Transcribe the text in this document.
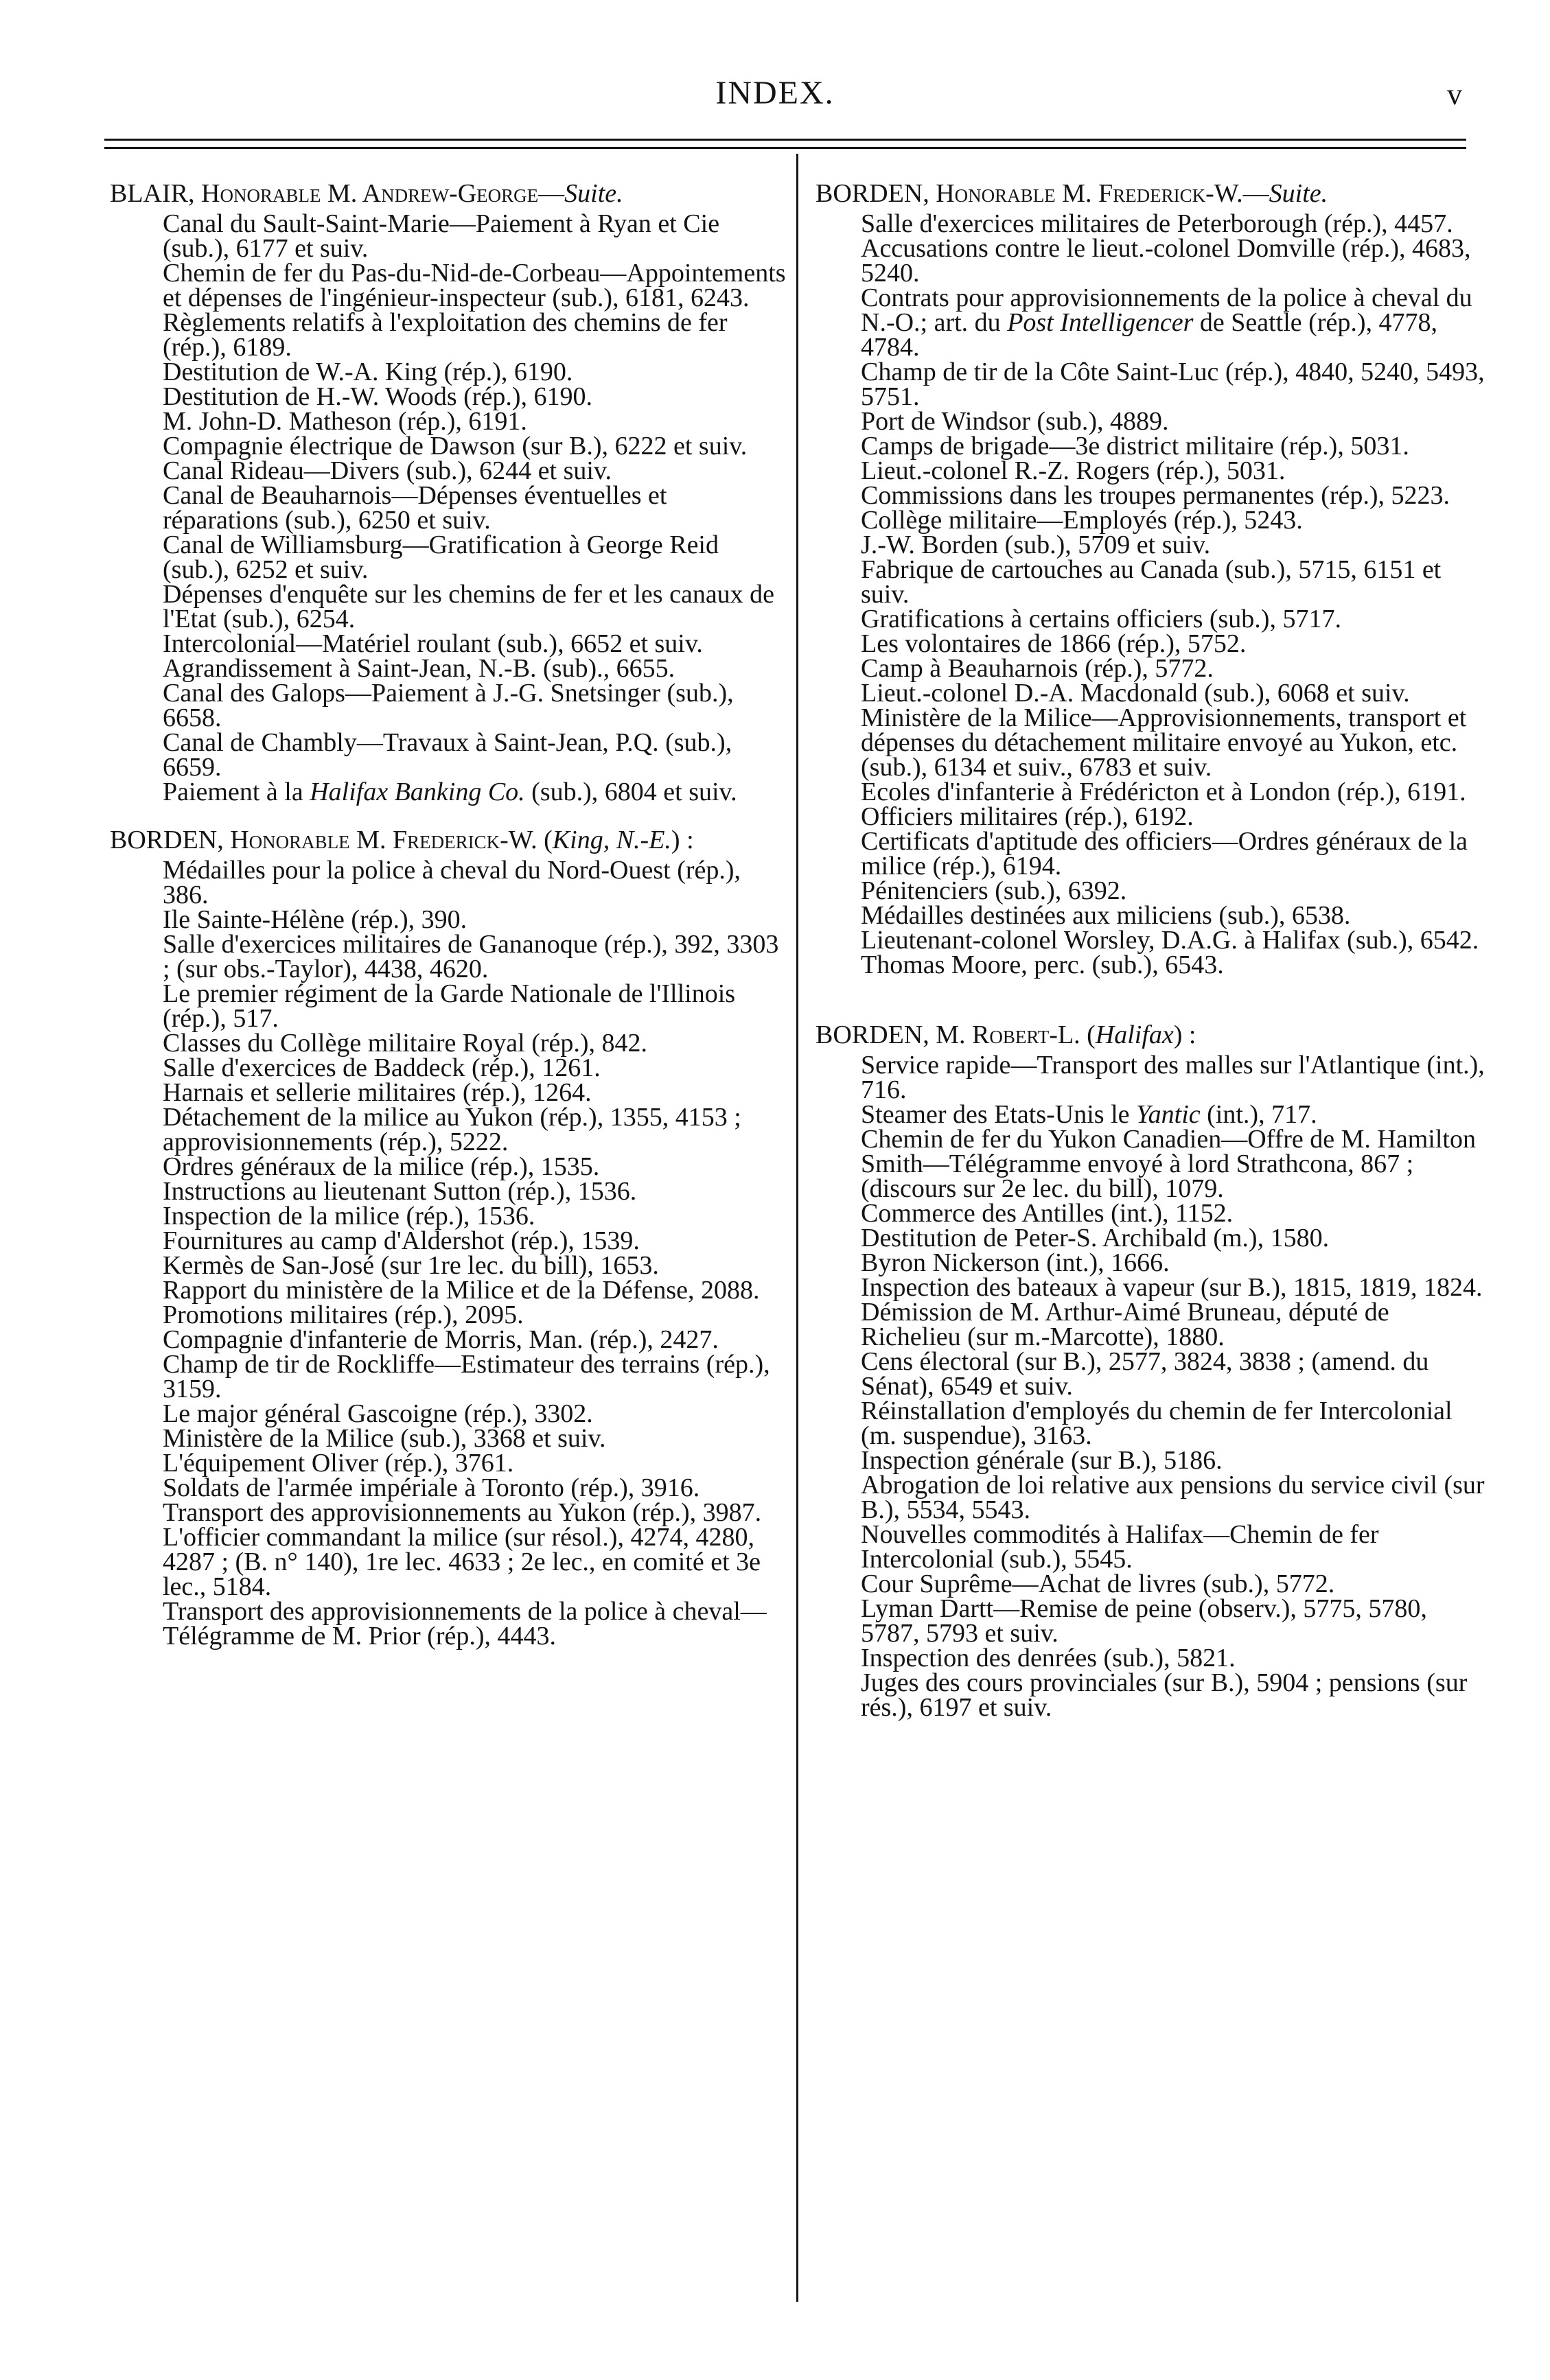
INDEX.	v

BLAIR, Honorable M. Andrew-George—Suite.

Canal du Sault-Saint-Marie—Paiement à Ryan et Cie (sub.), 6177 et suiv.

Chemin de fer du Pas-du-Nid-de-Corbeau—Appointements et dépenses de l'ingénieur-inspecteur (sub.), 6181, 6243.

Règlements relatifs à l'exploitation des chemins de fer (rép.), 6189.

Destitution de W.-A. King (rép.), 6190.

Destitution de H.-W. Woods (rép.), 6190.

M. John-D. Matheson (rép.), 6191.

Compagnie électrique de Dawson (sur B.), 6222 et suiv.

Canal Rideau—Divers (sub.), 6244 et suiv.

Canal de Beauharnois—Dépenses éventuelles et réparations (sub.), 6250 et suiv.

Canal de Williamsburg—Gratification à George Reid (sub.), 6252 et suiv.

Dépenses d'enquête sur les chemins de fer et les canaux de l'Etat (sub.), 6254.

Intercolonial—Matériel roulant (sub.), 6652 et suiv.

Agrandissement à Saint-Jean, N.-B. (sub)., 6655.

Canal des Galops—Paiement à J.-G. Snetsinger (sub.), 6658.

Canal de Chambly—Travaux à Saint-Jean, P.Q. (sub.), 6659.

Paiement à la Halifax Banking Co. (sub.), 6804 et suiv.

BORDEN, Honorable M. Frederick-W. (King, N.-E.) :

Médailles pour la police à cheval du Nord-Ouest (rép.), 386.

Ile Sainte-Hélène (rép.), 390.

Salle d'exercices militaires de Gananoque (rép.), 392, 3303 ; (sur obs.-Taylor), 4438, 4620.

Le premier régiment de la Garde Nationale de l'Illinois (rép.), 517.

Classes du Collège militaire Royal (rép.), 842.

Salle d'exercices de Baddeck (rép.), 1261.

Harnais et sellerie militaires (rép.), 1264.

Détachement de la milice au Yukon (rép.), 1355, 4153 ; approvisionnements (rép.), 5222.

Ordres généraux de la milice (rép.), 1535.

Instructions au lieutenant Sutton (rép.), 1536.

Inspection de la milice (rép.), 1536.

Fournitures au camp d'Aldershot (rép.), 1539.

Kermès de San-José (sur 1re lec. du bill), 1653.

Rapport du ministère de la Milice et de la Défense, 2088.

Promotions militaires (rép.), 2095.

Compagnie d'infanterie de Morris, Man. (rép.), 2427.

Champ de tir de Rockliffe—Estimateur des terrains (rép.), 3159.

Le major général Gascoigne (rép.), 3302.

Ministère de la Milice (sub.), 3368 et suiv.

L'équipement Oliver (rép.), 3761.

Soldats de l'armée impériale à Toronto (rép.), 3916.

Transport des approvisionnements au Yukon (rép.), 3987.

L'officier commandant la milice (sur résol.), 4274, 4280, 4287 ; (B. n° 140), 1re lec. 4633 ; 2e lec., en comité et 3e lec., 5184.

Transport des approvisionnements de la police à cheval—Télégramme de M. Prior (rép.), 4443.

BORDEN, Honorable M. Frederick-W.—Suite.

Salle d'exercices militaires de Peterborough (rép.), 4457.

Accusations contre le lieut.-colonel Domville (rép.), 4683, 5240.

Contrats pour approvisionnements de la police à cheval du N.-O.; art. du Post Intelligencer de Seattle (rép.), 4778, 4784.

Champ de tir de la Côte Saint-Luc (rép.), 4840, 5240, 5493, 5751.

Port de Windsor (sub.), 4889.

Camps de brigade—3e district militaire (rép.), 5031.

Lieut.-colonel R.-Z. Rogers (rép.), 5031.

Commissions dans les troupes permanentes (rép.), 5223.

Collège militaire—Employés (rép.), 5243.

J.-W. Borden (sub.), 5709 et suiv.

Fabrique de cartouches au Canada (sub.), 5715, 6151 et suiv.

Gratifications à certains officiers (sub.), 5717.

Les volontaires de 1866 (rép.), 5752.

Camp à Beauharnois (rép.), 5772.

Lieut.-colonel D.-A. Macdonald (sub.), 6068 et suiv.

Ministère de la Milice—Approvisionnements, transport et dépenses du détachement militaire envoyé au Yukon, etc. (sub.), 6134 et suiv., 6783 et suiv.

Ecoles d'infanterie à Frédéricton et à London (rép.), 6191.

Officiers militaires (rép.), 6192.

Certificats d'aptitude des officiers—Ordres généraux de la milice (rép.), 6194.

Pénitenciers (sub.), 6392.

Médailles destinées aux miliciens (sub.), 6538.

Lieutenant-colonel Worsley, D.A.G. à Halifax (sub.), 6542.

Thomas Moore, perc. (sub.), 6543.

BORDEN, M. Robert-L. (Halifax) :

Service rapide—Transport des malles sur l'Atlantique (int.), 716.

Steamer des Etats-Unis le Yantic (int.), 717.

Chemin de fer du Yukon Canadien—Offre de M. Hamilton Smith—Télégramme envoyé à lord Strathcona, 867 ; (discours sur 2e lec. du bill), 1079.

Commerce des Antilles (int.), 1152.

Destitution de Peter-S. Archibald (m.), 1580.

Byron Nickerson (int.), 1666.

Inspection des bateaux à vapeur (sur B.), 1815, 1819, 1824.

Démission de M. Arthur-Aimé Bruneau, député de Richelieu (sur m.-Marcotte), 1880.

Cens électoral (sur B.), 2577, 3824, 3838 ; (amend. du Sénat), 6549 et suiv.

Réinstallation d'employés du chemin de fer Intercolonial (m. suspendue), 3163.

Inspection générale (sur B.), 5186.

Abrogation de loi relative aux pensions du service civil (sur B.), 5534, 5543.

Nouvelles commodités à Halifax—Chemin de fer Intercolonial (sub.), 5545.

Cour Suprême—Achat de livres (sub.), 5772.

Lyman Dartt—Remise de peine (observ.), 5775, 5780, 5787, 5793 et suiv.

Inspection des denrées (sub.), 5821.

Juges des cours provinciales (sur B.), 5904 ; pensions (sur rés.), 6197 et suiv.
